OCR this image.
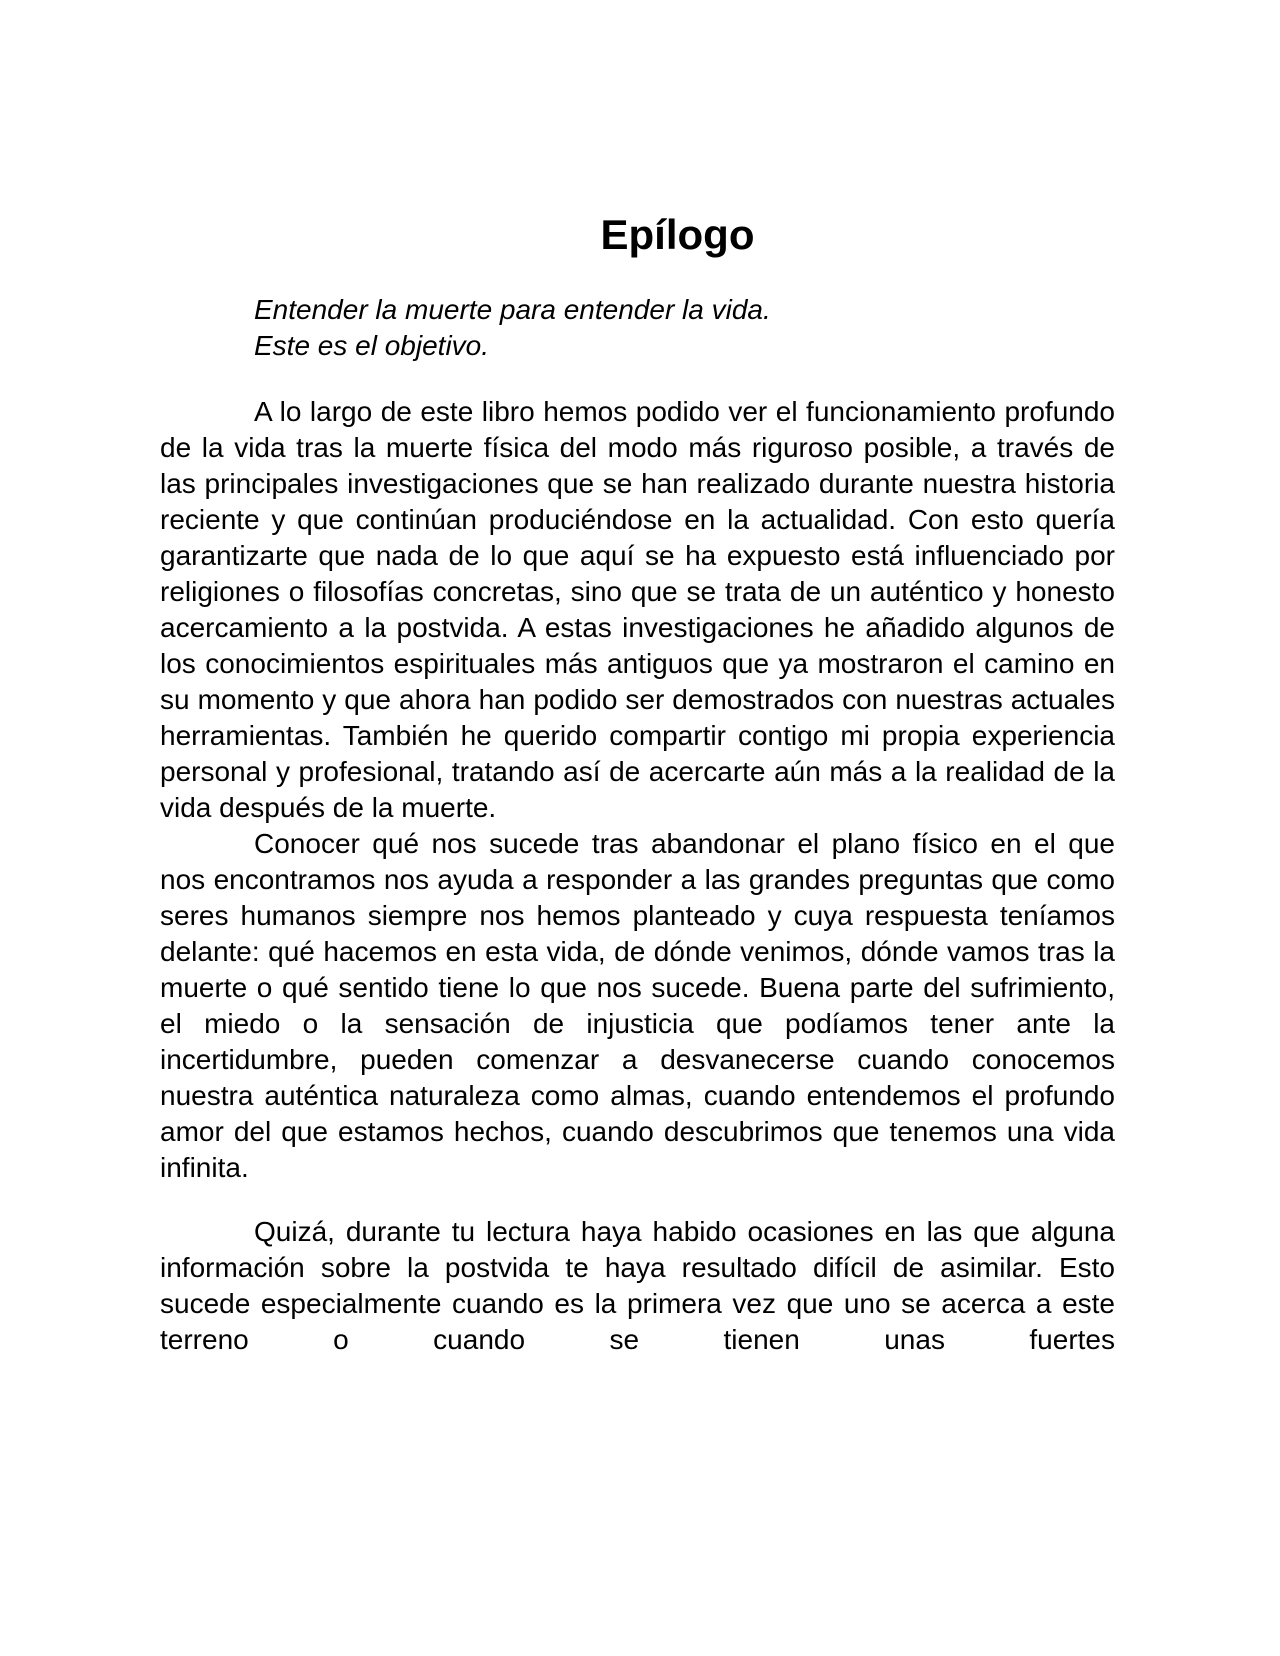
Epílogo
Entender la muerte para entender la vida.
Este es el objetivo.

A lo largo de este libro hemos podido ver el funcionamiento profundo de la vida tras la muerte física del modo más riguroso posible, a través de las principales investigaciones que se han realizado durante nuestra historia reciente y que continúan produciéndose en la actualidad. Con esto quería garantizarte que nada de lo que aquí se ha expuesto está influenciado por religiones o filosofías concretas, sino que se trata de un auténtico y honesto acercamiento a la postvida. A estas investigaciones he añadido algunos de los conocimientos espirituales más antiguos que ya mostraron el camino en su momento y que ahora han podido ser demostrados con nuestras actuales herramientas. También he querido compartir contigo mi propia experiencia personal y profesional, tratando así de acercarte aún más a la realidad de la vida después de la muerte.

Conocer qué nos sucede tras abandonar el plano físico en el que nos encontramos nos ayuda a responder a las grandes preguntas que como seres humanos siempre nos hemos planteado y cuya respuesta teníamos delante: qué hacemos en esta vida, de dónde venimos, dónde vamos tras la muerte o qué sentido tiene lo que nos sucede. Buena parte del sufrimiento, el miedo o la sensación de injusticia que podíamos tener ante la incertidumbre, pueden comenzar a desvanecerse cuando conocemos nuestra auténtica naturaleza como almas, cuando entendemos el profundo amor del que estamos hechos, cuando descubrimos que tenemos una vida infinita.

Quizá, durante tu lectura haya habido ocasiones en las que alguna información sobre la postvida te haya resultado difícil de asimilar. Esto sucede especialmente cuando es la primera vez que uno se acerca a este terreno o cuando se tienen unas fuertes
